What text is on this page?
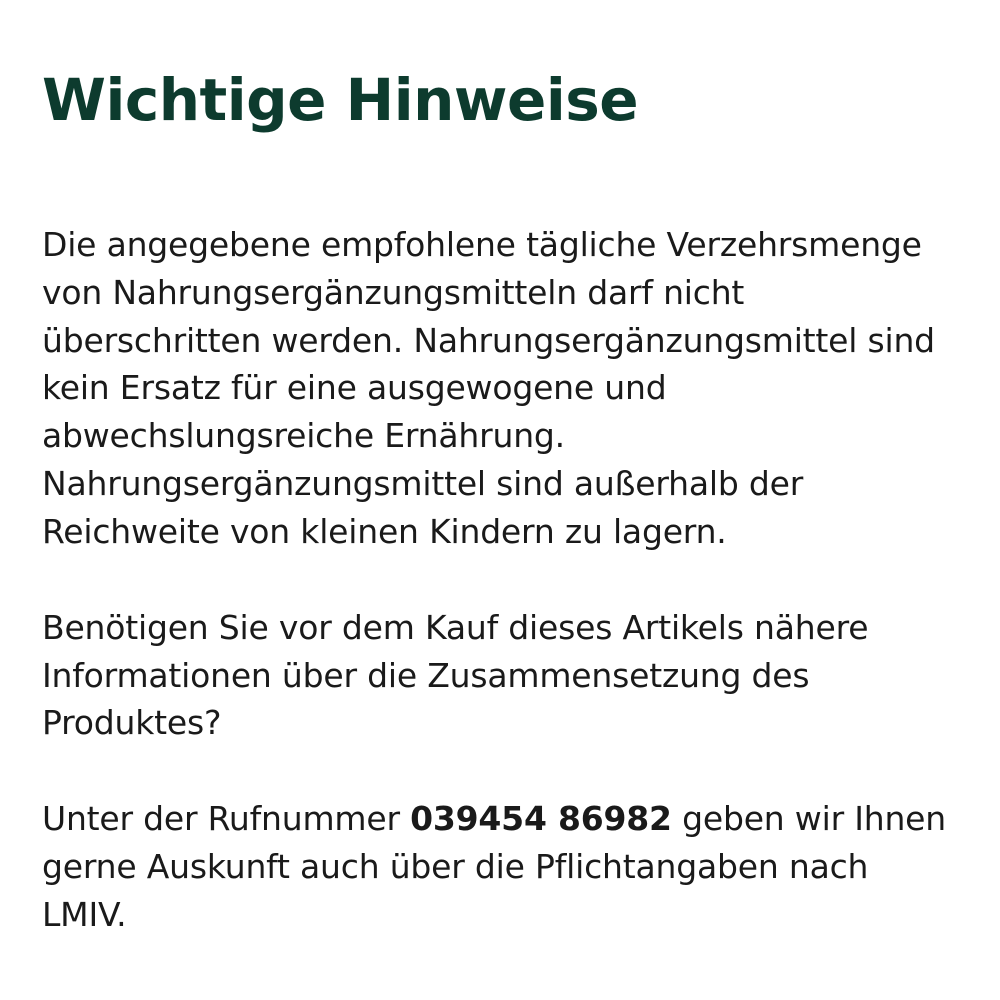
Wichtige Hinweise

Die angegebene empfohlene tägliche Verzehrsmenge von Nahrungsergänzungsmitteln darf nicht überschritten werden. Nahrungsergänzungsmittel sind kein Ersatz für eine ausgewogene und abwechslungsreiche Ernährung. Nahrungsergänzungsmittel sind außerhalb der Reichweite von kleinen Kindern zu lagern.

Benötigen Sie vor dem Kauf dieses Artikels nähere Informationen über die Zusammensetzung des Produktes?

Unter der Rufnummer 039454 86982 geben wir Ihnen gerne Auskunft auch über die Pflichtangaben nach LMIV.
